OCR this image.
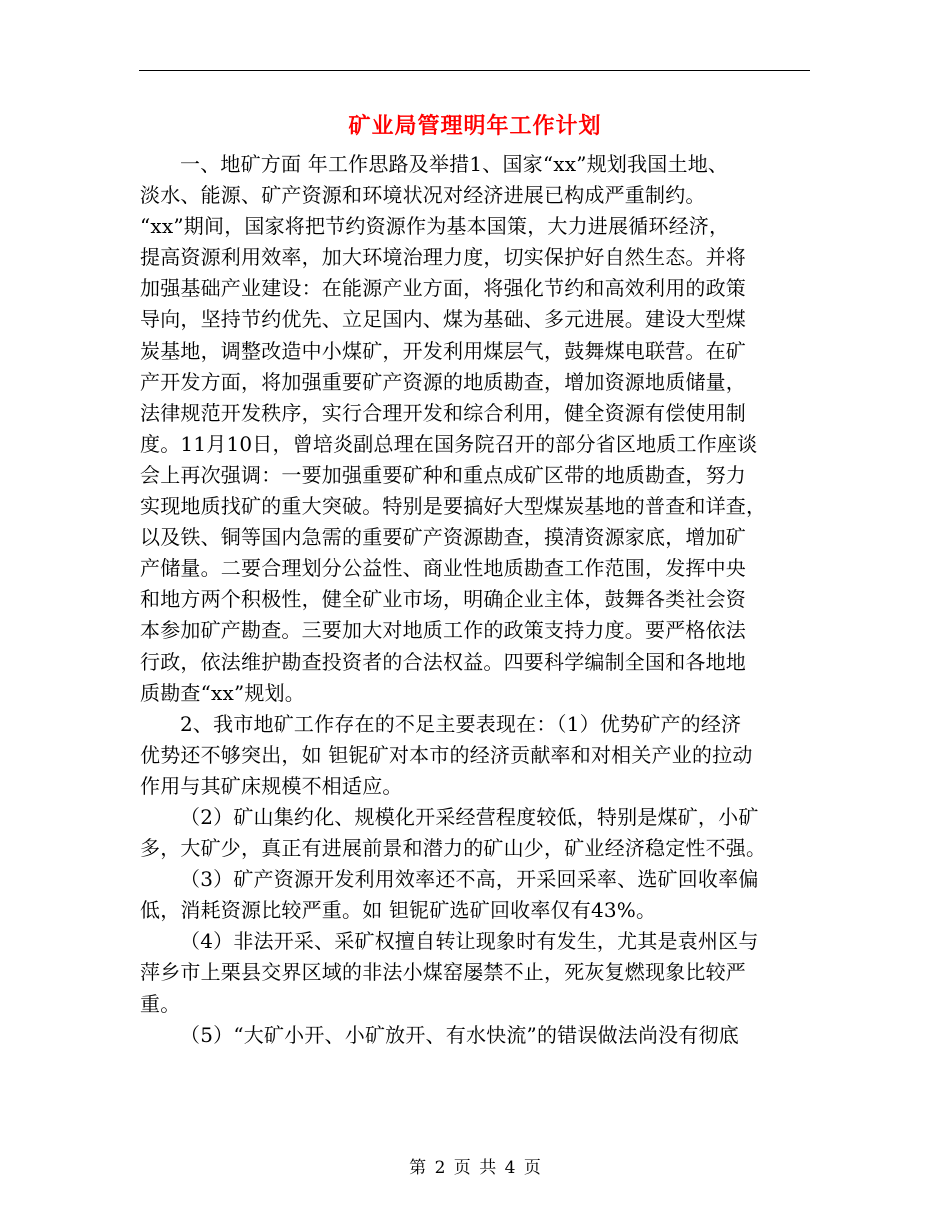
矿业局管理明年工作计划
一、地矿方面 年工作思路及举措1、国家“xx”规划我国土地、
淡水、能源、矿产资源和环境状况对经济进展已构成严重制约。
“xx”期间，国家将把节约资源作为基本国策，大力进展循环经济，
提高资源利用效率，加大环境治理力度，切实保护好自然生态。并将
加强基础产业建设：在能源产业方面，将强化节约和高效利用的政策
导向，坚持节约优先、立足国内、煤为基础、多元进展。建设大型煤
炭基地，调整改造中小煤矿，开发利用煤层气，鼓舞煤电联营。在矿
产开发方面，将加强重要矿产资源的地质勘查，增加资源地质储量，
法律规范开发秩序，实行合理开发和综合利用，健全资源有偿使用制
度。11月10日，曾培炎副总理在国务院召开的部分省区地质工作座谈
会上再次强调：一要加强重要矿种和重点成矿区带的地质勘查，努力
实现地质找矿的重大突破。特别是要搞好大型煤炭基地的普查和详查，
以及铁、铜等国内急需的重要矿产资源勘查，摸清资源家底，增加矿
产储量。二要合理划分公益性、商业性地质勘查工作范围，发挥中央
和地方两个积极性，健全矿业市场，明确企业主体，鼓舞各类社会资
本参加矿产勘查。三要加大对地质工作的政策支持力度。要严格依法
行政，依法维护勘查投资者的合法权益。四要科学编制全国和各地地
质勘查“xx”规划。
2、我市地矿工作存在的不足主要表现在：（1）优势矿产的经济
优势还不够突出，如 钽铌矿对本市的经济贡献率和对相关产业的拉动
作用与其矿床规模不相适应。
（2）矿山集约化、规模化开采经营程度较低，特别是煤矿，小矿
多，大矿少，真正有进展前景和潜力的矿山少，矿业经济稳定性不强。
（3）矿产资源开发利用效率还不高，开采回采率、选矿回收率偏
低，消耗资源比较严重。如 钽铌矿选矿回收率仅有43%。
（4）非法开采、采矿权擅自转让现象时有发生，尤其是袁州区与
萍乡市上栗县交界区域的非法小煤窑屡禁不止，死灰复燃现象比较严
重。
（5）“大矿小开、小矿放开、有水快流”的错误做法尚没有彻底
第 2 页 共 4 页
